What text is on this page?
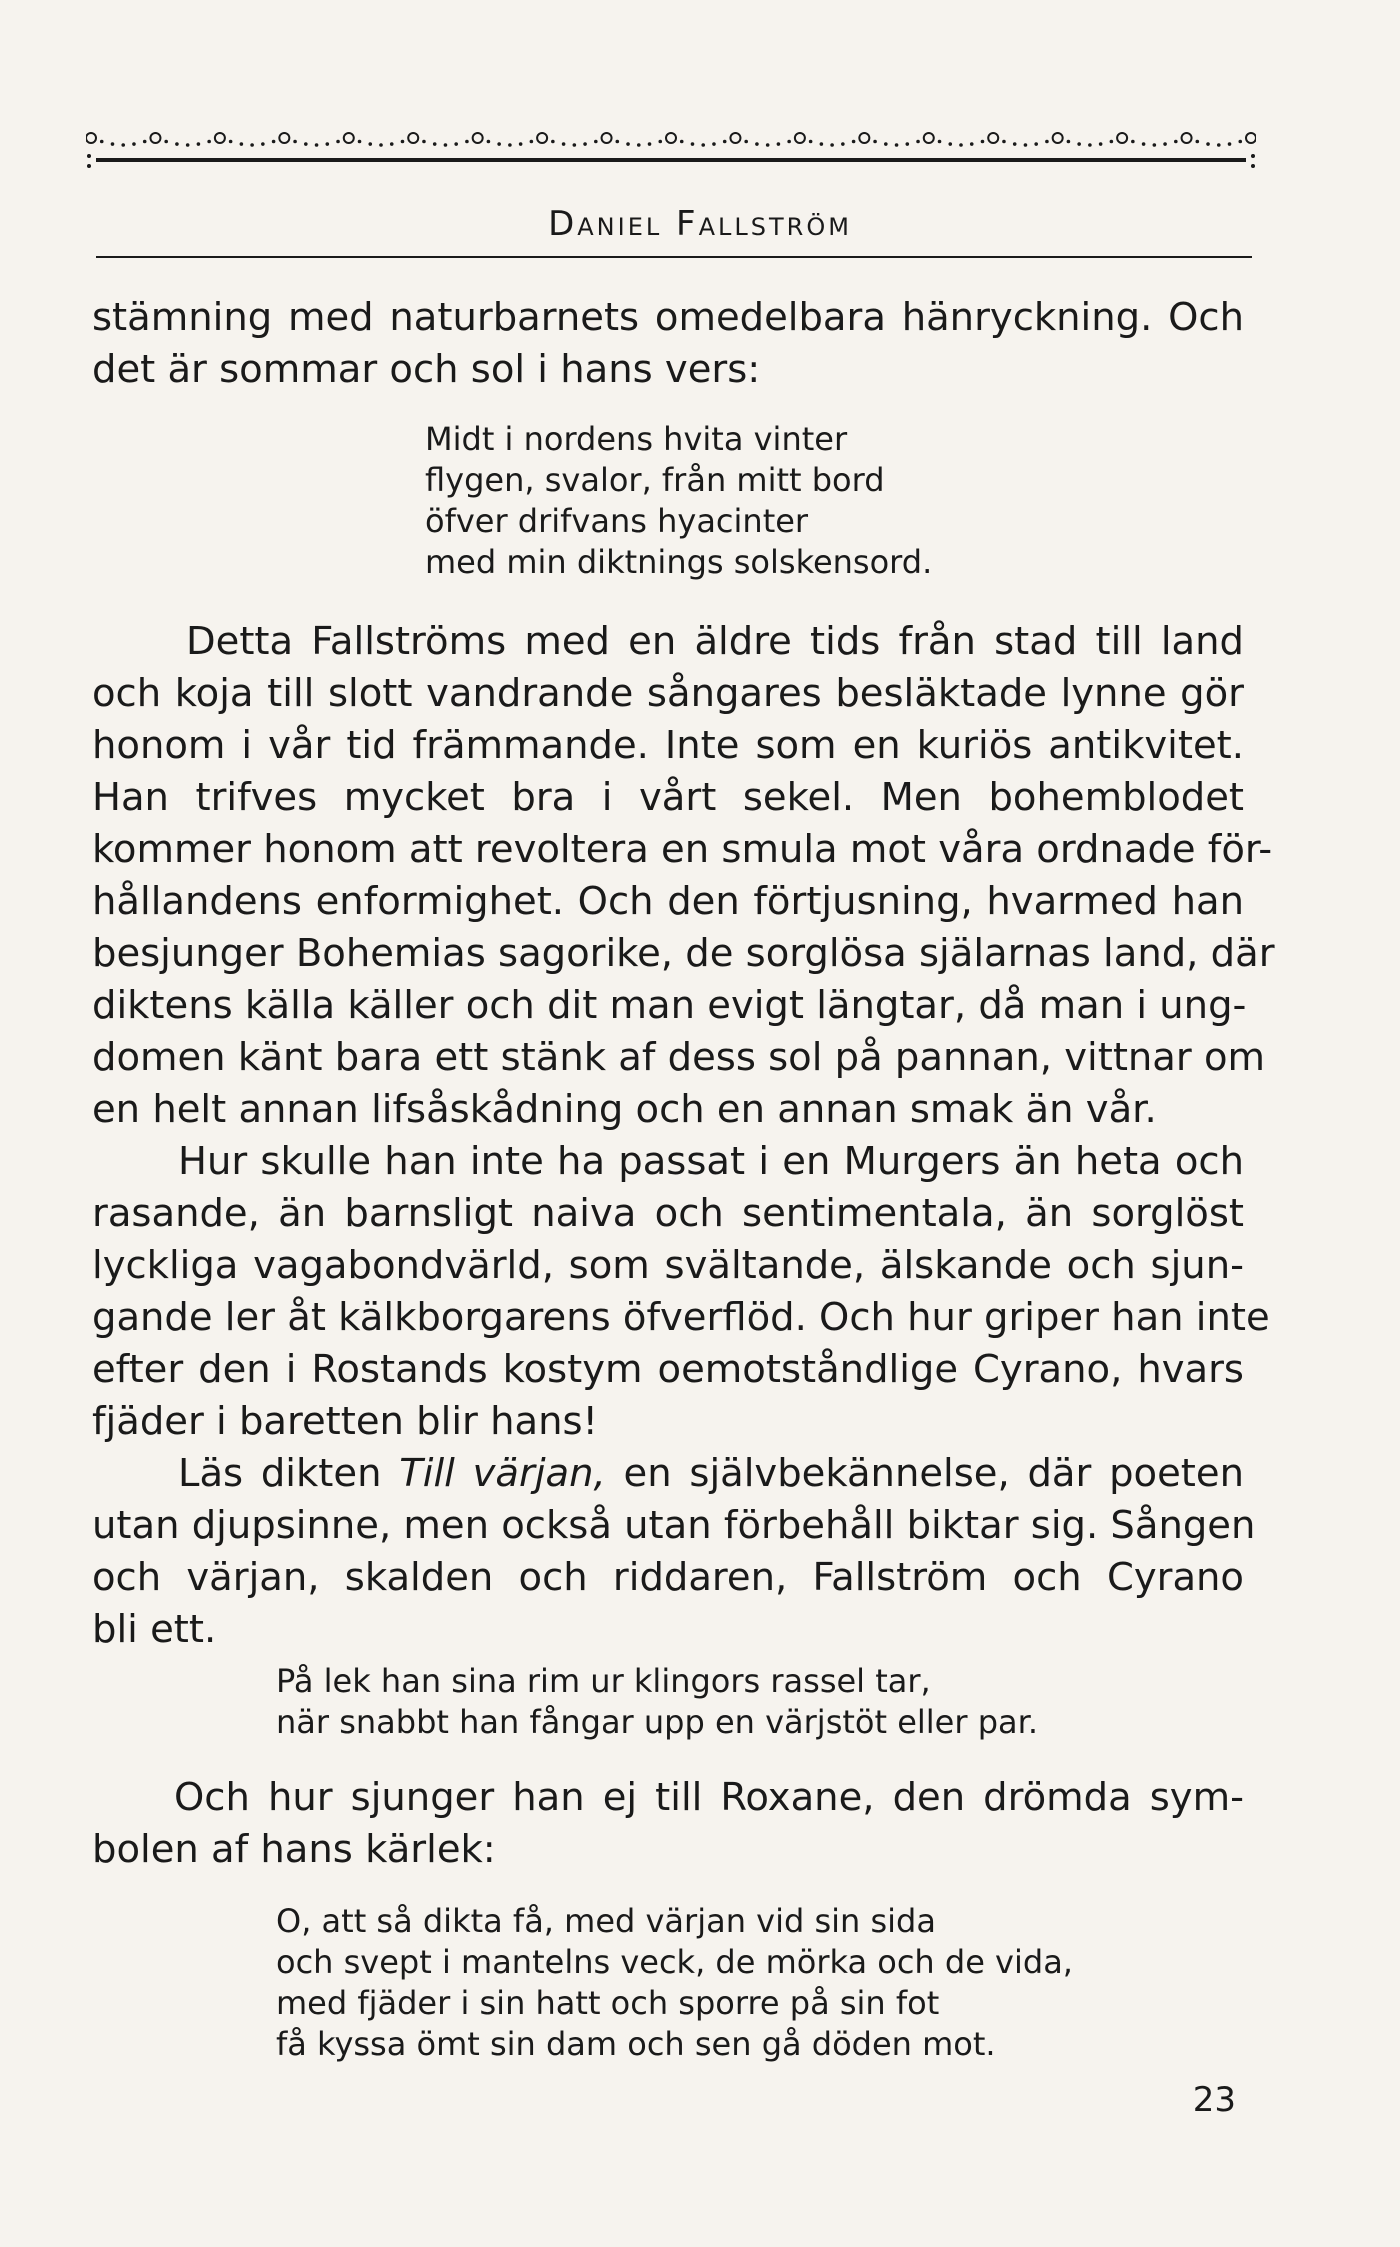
Daniel Fallström
stämning med naturbarnets omedelbara hänryckning. Och
det är sommar och sol i hans vers:
Midt i nordens hvita vinter
flygen, svalor, från mitt bord
öfver drifvans hyacinter
med min diktnings solskensord.
Detta Fallströms med en äldre tids från stad till land
och koja till slott vandrande sångares besläktade lynne gör
honom i vår tid främmande. Inte som en kuriös antikvitet.
Han trifves mycket bra i vårt sekel. Men bohemblodet
kommer honom att revoltera en smula mot våra ordnade för-
hållandens enformighet. Och den förtjusning, hvarmed han
besjunger Bohemias sagorike, de sorglösa själarnas land, där
diktens källa käller och dit man evigt längtar, då man i ung-
domen känt bara ett stänk af dess sol på pannan, vittnar om
en helt annan lifsåskådning och en annan smak än vår.
Hur skulle han inte ha passat i en Murgers än heta och
rasande, än barnsligt naiva och sentimentala, än sorglöst
lyckliga vagabondvärld, som svältande, älskande och sjun-
gande ler åt kälkborgarens öfverflöd. Och hur griper han inte
efter den i Rostands kostym oemotståndlige Cyrano, hvars
fjäder i baretten blir hans!
Läs dikten Till värjan, en självbekännelse, där poeten
utan djupsinne, men också utan förbehåll biktar sig. Sången
och värjan, skalden och riddaren, Fallström och Cyrano
bli ett.
På lek han sina rim ur klingors rassel tar,
när snabbt han fångar upp en värjstöt eller par.
Och hur sjunger han ej till Roxane, den drömda sym-
bolen af hans kärlek:
O, att så dikta få, med värjan vid sin sida
och svept i mantelns veck, de mörka och de vida,
med fjäder i sin hatt och sporre på sin fot
få kyssa ömt sin dam och sen gå döden mot.
23
